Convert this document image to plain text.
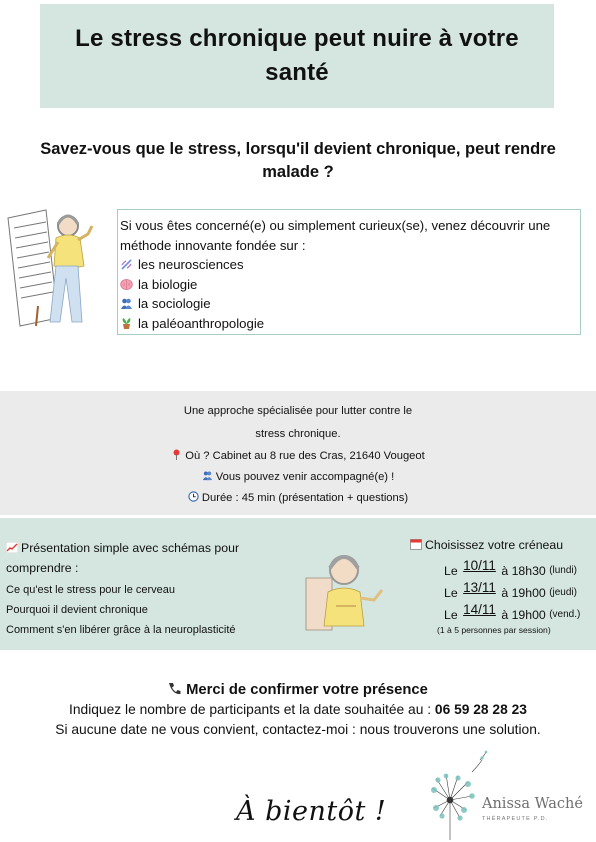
Le stress chronique peut nuire à votre santé
Savez-vous que le stress, lorsqu'il devient chronique, peut rendre malade ?

Si vous êtes concerné(e) ou simplement curieux(se), venez découvrir une méthode innovante fondée sur :

les neurosciences
la biologie
la sociologie
la paléoanthropologie
Une approche spécialisée pour lutter contre le
stress chronique.
Où ? Cabinet au 8 rue des Cras, 21640 Vougeot
Vous pouvez venir accompagné(e) !
Durée : 45 min (présentation + questions)
Présentation simple avec schémas pour comprendre :
Ce qu'est le stress pour le cerveau
Pourquoi il devient chronique
Comment s'en libérer grâce à la neuroplasticité
Choisissez votre créneau
Le 10/11 à 18h30 (lundi)
Le 13/11 à 19h00 (jeudi)
Le 14/11 à 19h00 (vend.)
(1 à 5 personnes par session)
Merci de confirmer votre présence
Indiquez le nombre de participants et la date souhaitée au : 06 59 28 28 23
Si aucune date ne vous convient, contactez-moi : nous trouverons une solution.
À bientôt !	Anissa Waché
THÉRAPEUTE P.D.
